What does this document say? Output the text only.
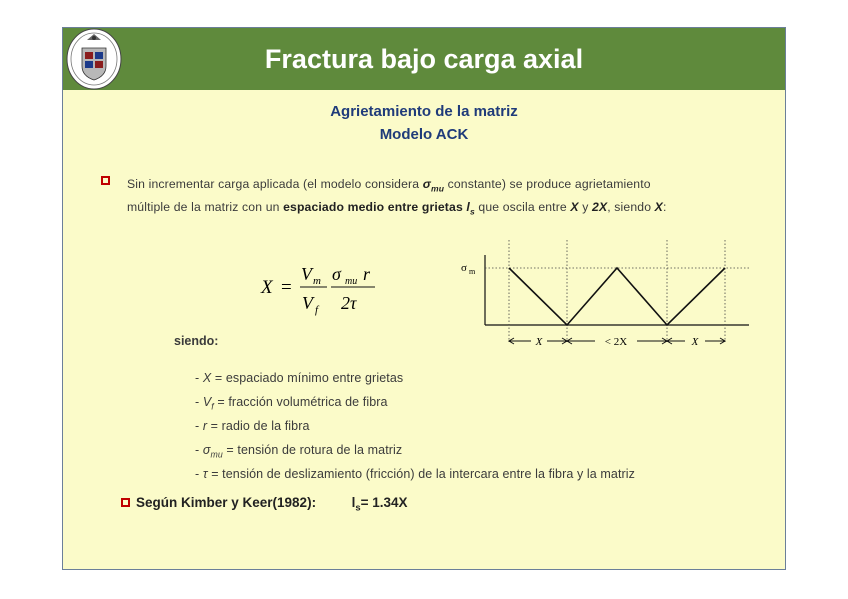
Fractura bajo carga axial
Agrietamiento de la matriz
Modelo ACK
Sin incrementar carga aplicada (el modelo considera $\sigma_{mu}$ constante) se produce agrietamiento múltiple de la matriz con un espaciado medio entre grietas $l_s$ que oscila entre X y 2X, siendo X:
X =
V m
V f
σ mu r
2τ
σ m
X	< 2X	X
siendo:
- X = espaciado mínimo entre grietas
- $V_f$ = fracción volumétrica de fibra
- r = radio de la fibra
- $\sigma_{mu}$ = tensión de rotura de la matriz
- τ = tensión de deslizamiento (fricción) de la intercara entre la fibra y la matriz
Según Kimber y Keer(1982):	$l_s= 1.34X$
